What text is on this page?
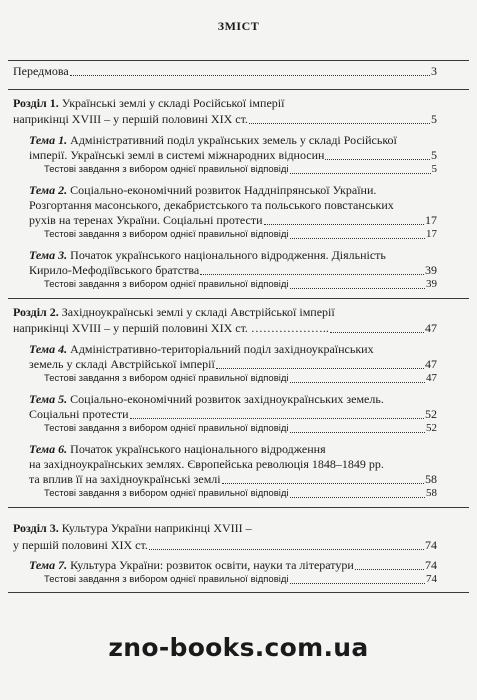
ЗМІСТ
Передмова	3
Розділ 1. Українські землі у складі Російської імперії
наприкінці XVIII – у першій половині XIX ст.	5
Тема 1. Адміністративний поділ українських земель у складі Російської
імперії. Українські землі в системі міжнародних відносин	5
Тестові завдання з вибором однієї правильної відповіді	5
Тема 2. Соціально-економічний розвиток Наддніпрянської України.
Розгортання масонського, декабристського та польського повстанських
рухів на теренах України. Соціальні протести	17
Тестові завдання з вибором однієї правильної відповіді	17
Тема 3. Початок українського національного відродження. Діяльність
Кирило-Мефодіївського братства	39
Тестові завдання з вибором однієї правильної відповіді	39
Розділ 2. Західноукраїнські землі у складі Австрійської імперії
наприкінці XVIII – у першій половині XIX ст. ………………..	47
Тема 4. Адміністративно-територіальний поділ західноукраїнських
земель у складі Австрійської імперії	47
Тестові завдання з вибором однієї правильної відповіді	47
Тема 5. Соціально-економічний розвиток західноукраїнських земель.
Соціальні протести	52
Тестові завдання з вибором однієї правильної відповіді	52
Тема 6. Початок українського національного відродження
на західноукраїнських землях. Європейська революція 1848–1849 рр.
та вплив її на західноукраїнські землі	58
Тестові завдання з вибором однієї правильної відповіді	58
Розділ 3. Культура України наприкінці XVIII –
у першій половині XIX ст.	74
Тема 7. Культура України: розвиток освіти, науки та літератури	74
Тестові завдання з вибором однієї правильної відповіді	74
zno-books.com.ua
